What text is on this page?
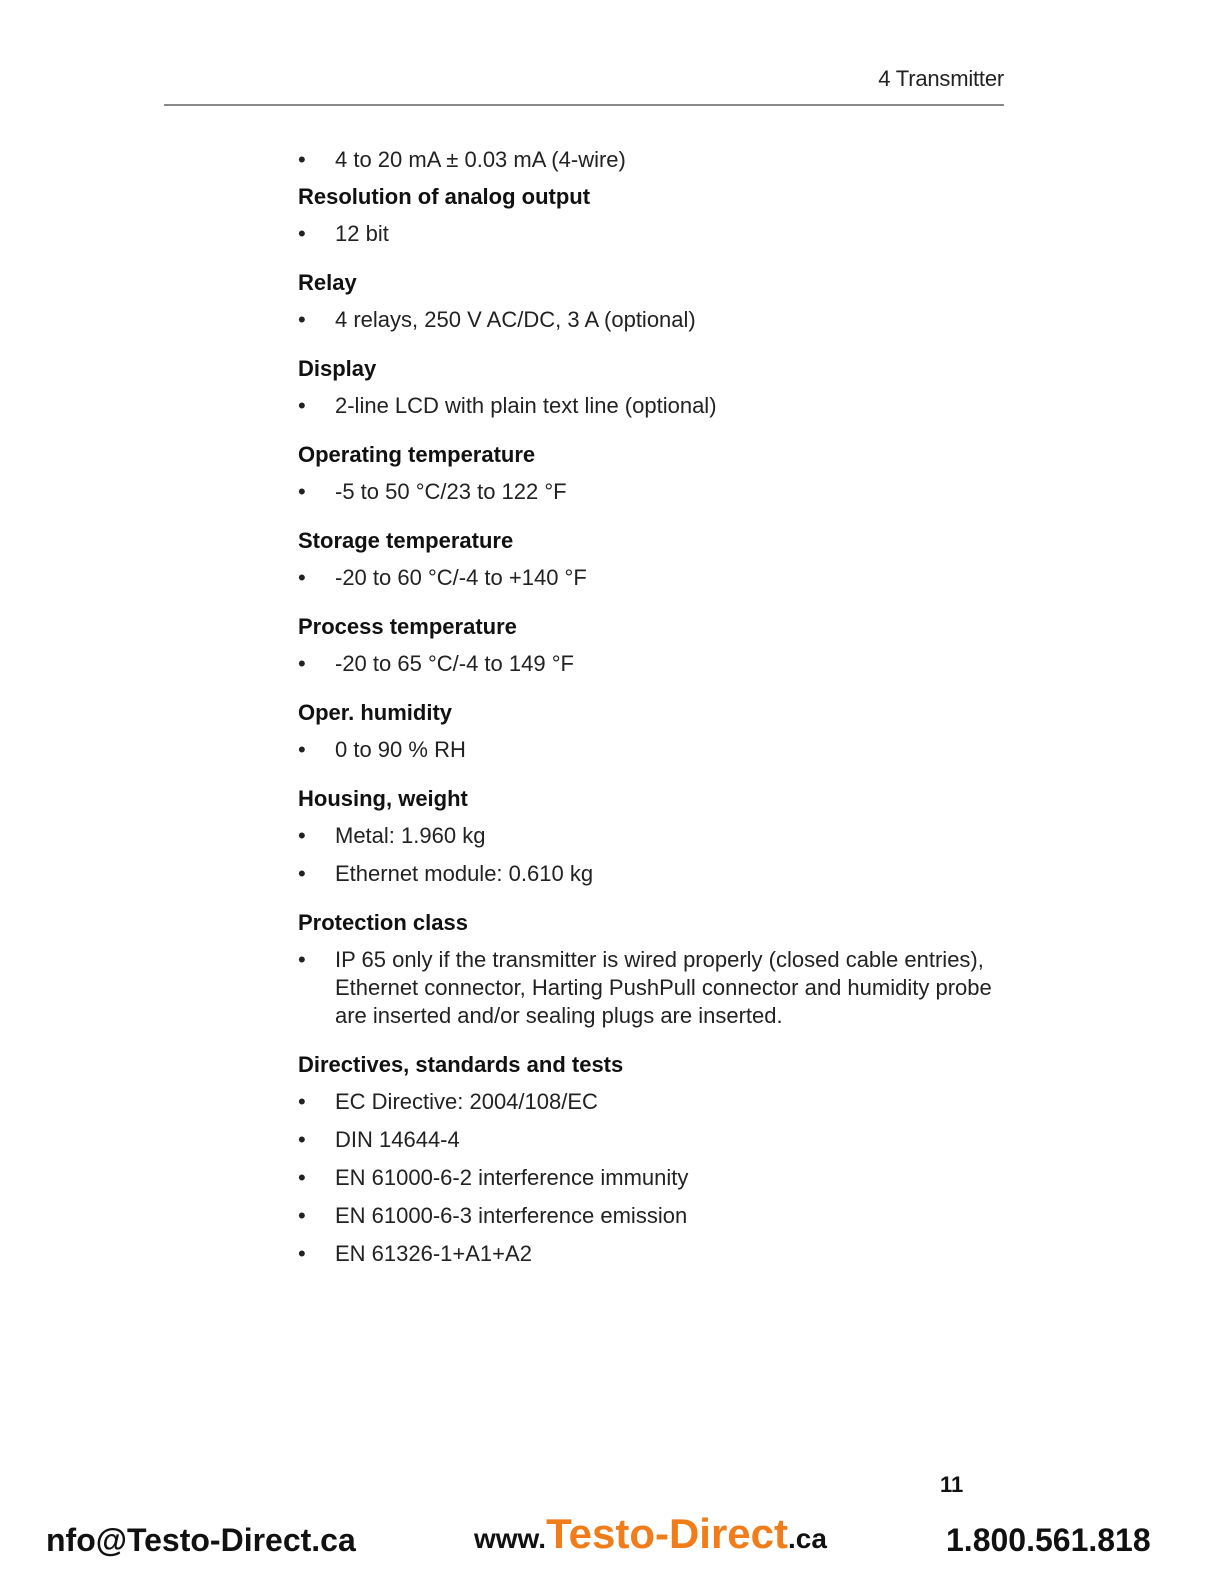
4 Transmitter
• 4 to 20 mA ± 0.03 mA (4-wire)
Resolution of analog output
• 12 bit
Relay
• 4 relays, 250 V AC/DC, 3 A (optional)
Display
• 2-line LCD with plain text line (optional)
Operating temperature
• -5 to 50 °C/23 to 122 °F
Storage temperature
• -20 to 60 °C/-4 to +140 °F
Process temperature
• -20 to 65 °C/-4 to 149 °F
Oper. humidity
• 0 to 90 % RH
Housing, weight
• Metal: 1.960 kg
• Ethernet module: 0.610 kg
Protection class
• IP 65 only if the transmitter is wired properly (closed cable entries), Ethernet connector, Harting PushPull connector and humidity probe are inserted and/or sealing plugs are inserted.
Directives, standards and tests
• EC Directive: 2004/108/EC
• DIN 14644-4
• EN 61000-6-2 interference immunity
• EN 61000-6-3 interference emission
• EN 61326-1+A1+A2
11
nfo@Testo-Direct.ca	www.Testo-Direct.ca	1.800.561.818
